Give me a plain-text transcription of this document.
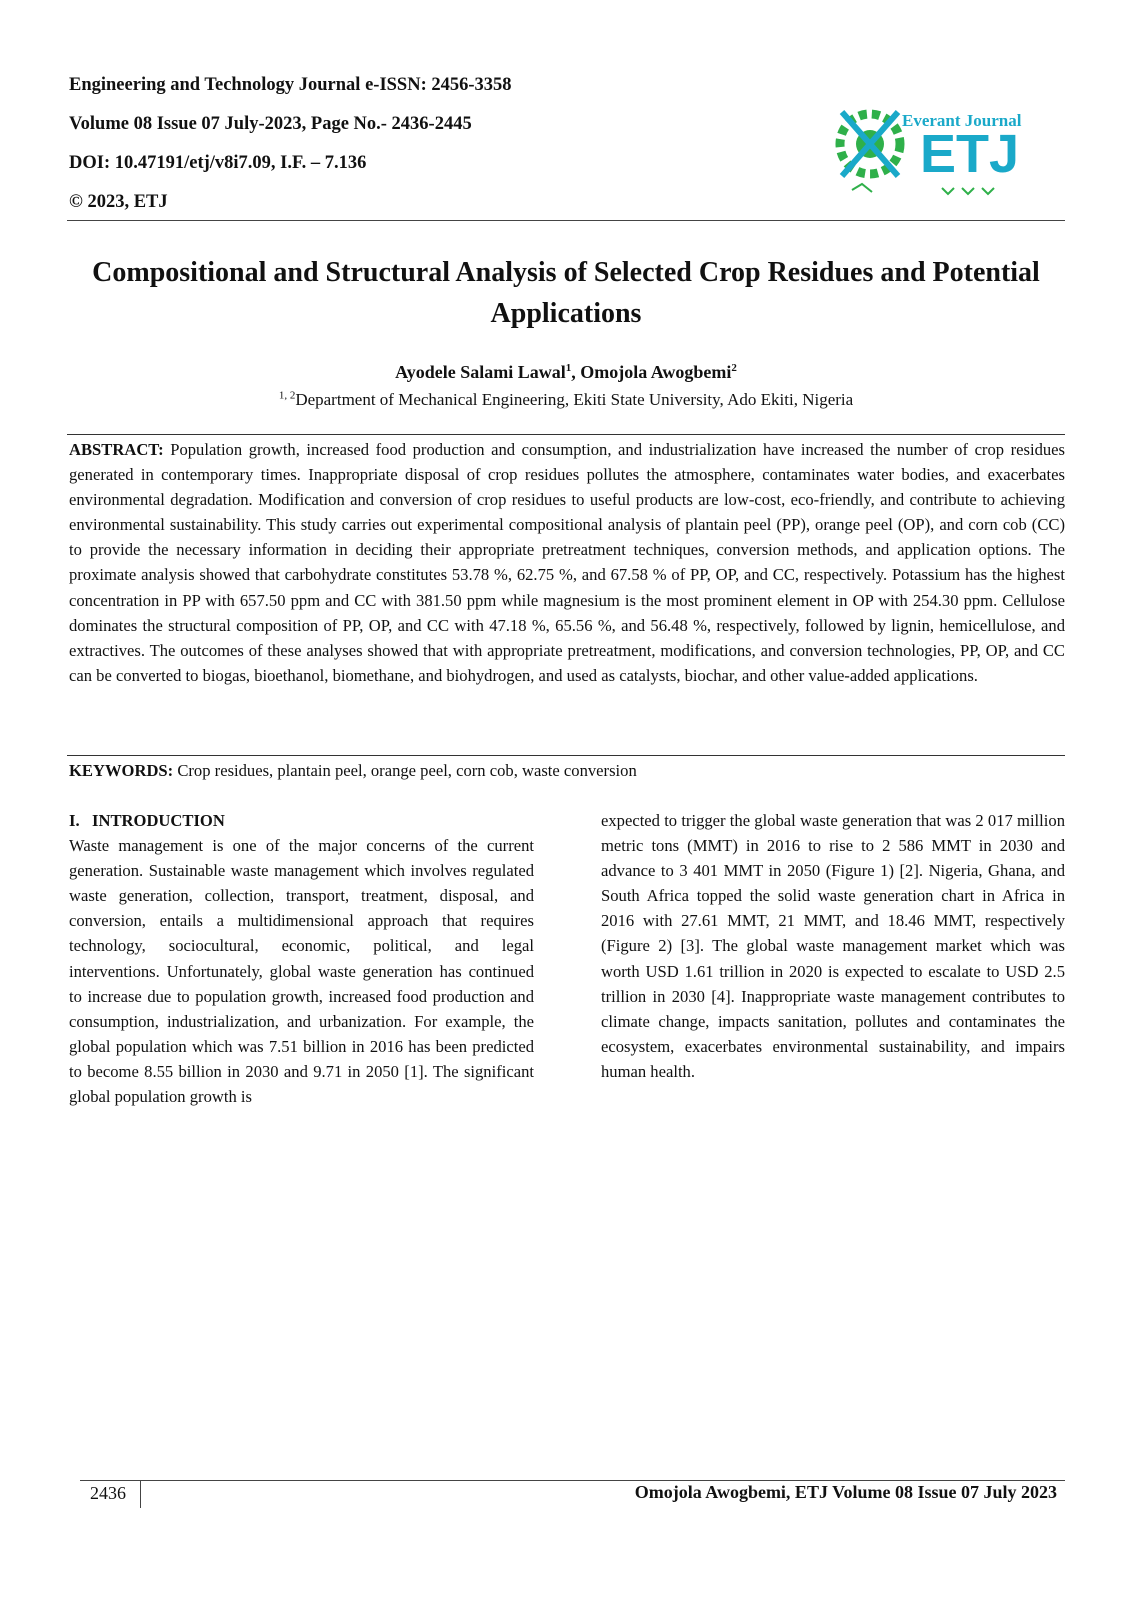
Engineering and Technology Journal e-ISSN: 2456-3358
Volume 08 Issue 07 July-2023, Page No.- 2436-2445
DOI: 10.47191/etj/v8i7.09, I.F. – 7.136
© 2023, ETJ
Everant Journal
ETJ
Compositional and Structural Analysis of Selected Crop Residues and Potential Applications
Ayodele Salami Lawal$^1$, Omojola Awogbemi$^2$
$^{1, 2}$Department of Mechanical Engineering, Ekiti State University, Ado Ekiti, Nigeria
ABSTRACT: Population growth, increased food production and consumption, and industrialization have increased the number of crop residues generated in contemporary times. Inappropriate disposal of crop residues pollutes the atmosphere, contaminates water bodies, and exacerbates environmental degradation. Modification and conversion of crop residues to useful products are low-cost, eco-friendly, and contribute to achieving environmental sustainability. This study carries out experimental compositional analysis of plantain peel (PP), orange peel (OP), and corn cob (CC) to provide the necessary information in deciding their appropriate pretreatment techniques, conversion methods, and application options. The proximate analysis showed that carbohydrate constitutes 53.78 %, 62.75 %, and 67.58 % of PP, OP, and CC, respectively. Potassium has the highest concentration in PP with 657.50 ppm and CC with 381.50 ppm while magnesium is the most prominent element in OP with 254.30 ppm. Cellulose dominates the structural composition of PP, OP, and CC with 47.18 %, 65.56 %, and 56.48 %, respectively, followed by lignin, hemicellulose, and extractives. The outcomes of these analyses showed that with appropriate pretreatment, modifications, and conversion technologies, PP, OP, and CC can be converted to biogas, bioethanol, biomethane, and biohydrogen, and used as catalysts, biochar, and other value-added applications.
KEYWORDS: Crop residues, plantain peel, orange peel, corn cob, waste conversion
I.   INTRODUCTION
Waste management is one of the major concerns of the current generation. Sustainable waste management which involves regulated waste generation, collection, transport, treatment, disposal, and conversion, entails a multidimensional approach that requires technology, sociocultural, economic, political, and legal interventions. Unfortunately, global waste generation has continued to increase due to population growth, increased food production and consumption, industrialization, and urbanization. For example, the global population which was 7.51 billion in 2016 has been predicted to become 8.55 billion in 2030 and 9.71 in 2050 [1]. The significant global population growth is
expected to trigger the global waste generation that was 2 017 million metric tons (MMT) in 2016 to rise to 2 586 MMT in 2030 and advance to 3 401 MMT in 2050 (Figure 1) [2]. Nigeria, Ghana, and South Africa topped the solid waste generation chart in Africa in 2016 with 27.61 MMT, 21 MMT, and 18.46 MMT, respectively (Figure 2) [3]. The global waste management market which was worth USD 1.61 trillion in 2020 is expected to escalate to USD 2.5 trillion in 2030 [4]. Inappropriate waste management contributes to climate change, impacts sanitation, pollutes and contaminates the ecosystem, exacerbates environmental sustainability, and impairs human health.
2436	Omojola Awogbemi, ETJ Volume 08 Issue 07 July 2023
